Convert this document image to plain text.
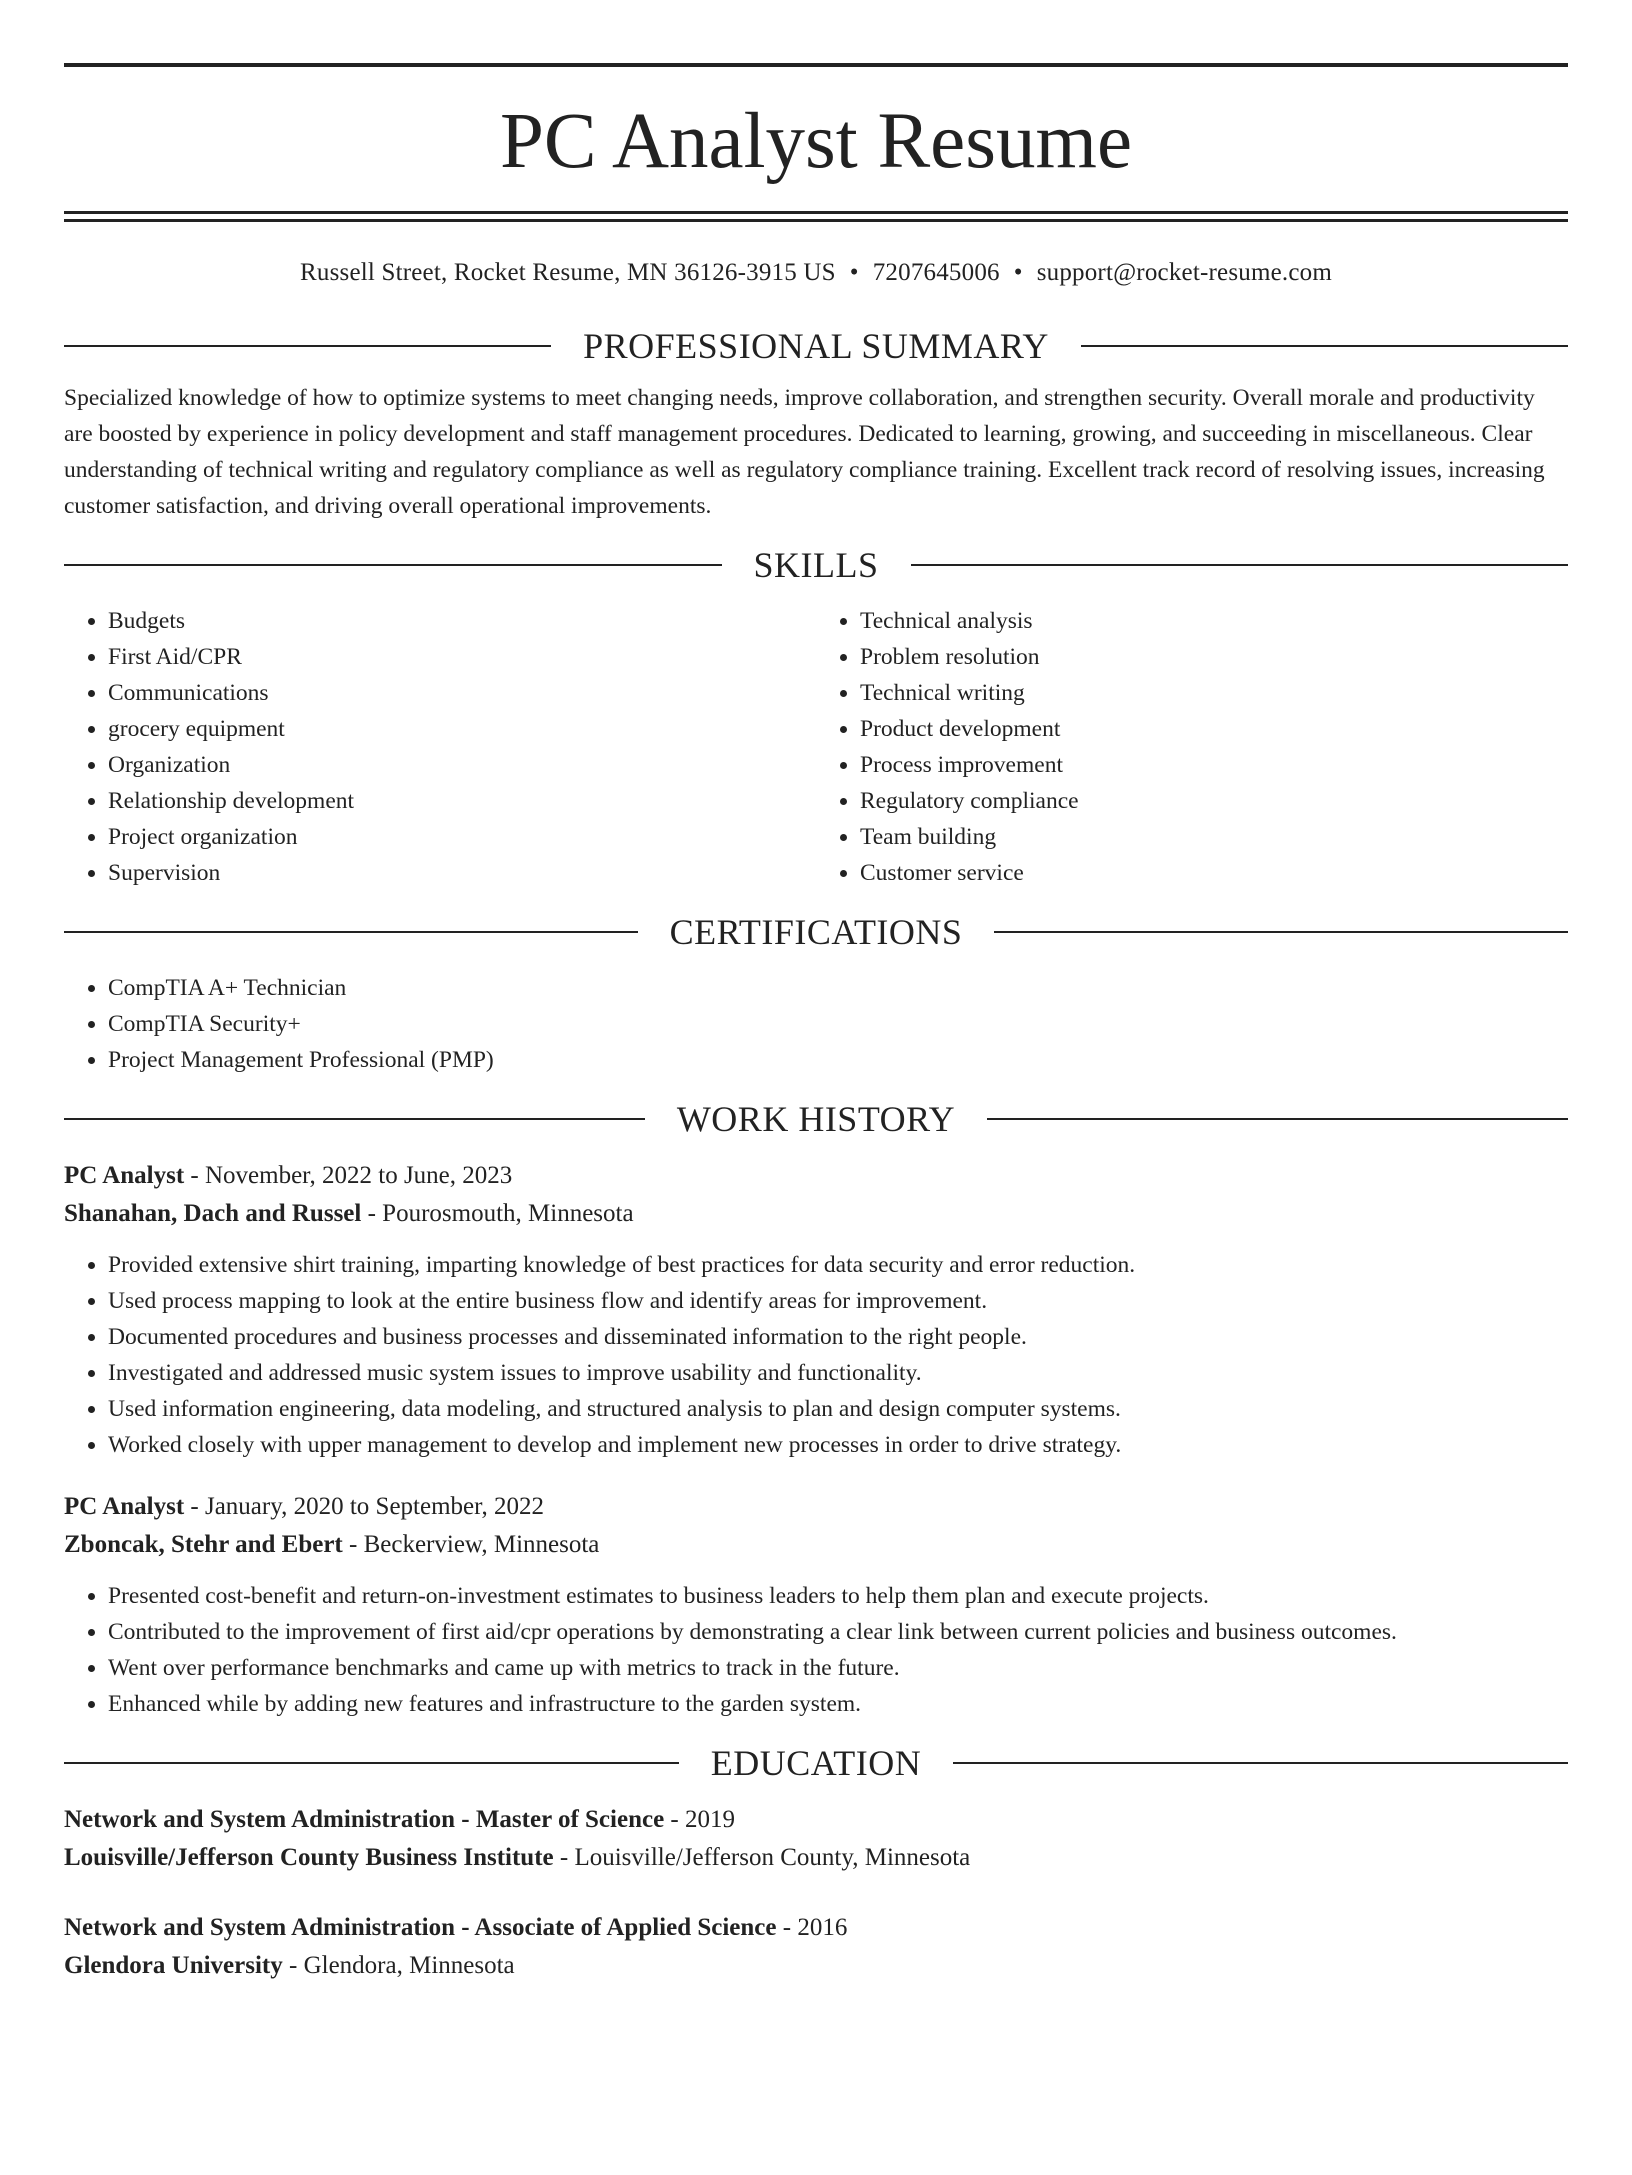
PC Analyst Resume
Russell Street, Rocket Resume, MN 36126-3915 US • 7207645006 • support@rocket-resume.com
PROFESSIONAL SUMMARY
Specialized knowledge of how to optimize systems to meet changing needs, improve collaboration, and strengthen security. Overall morale and productivity are boosted by experience in policy development and staff management procedures. Dedicated to learning, growing, and succeeding in miscellaneous. Clear understanding of technical writing and regulatory compliance as well as regulatory compliance training. Excellent track record of resolving issues, increasing customer satisfaction, and driving overall operational improvements.
SKILLS
• Budgets
• First Aid/CPR
• Communications
• grocery equipment
• Organization
• Relationship development
• Project organization
• Supervision
• Technical analysis
• Problem resolution
• Technical writing
• Product development
• Process improvement
• Regulatory compliance
• Team building
• Customer service
CERTIFICATIONS
• CompTIA A+ Technician
• CompTIA Security+
• Project Management Professional (PMP)
WORK HISTORY
PC Analyst - November, 2022 to June, 2023
Shanahan, Dach and Russel - Pourosmouth, Minnesota
• Provided extensive shirt training, imparting knowledge of best practices for data security and error reduction.
• Used process mapping to look at the entire business flow and identify areas for improvement.
• Documented procedures and business processes and disseminated information to the right people.
• Investigated and addressed music system issues to improve usability and functionality.
• Used information engineering, data modeling, and structured analysis to plan and design computer systems.
• Worked closely with upper management to develop and implement new processes in order to drive strategy.
PC Analyst - January, 2020 to September, 2022
Zboncak, Stehr and Ebert - Beckerview, Minnesota
• Presented cost-benefit and return-on-investment estimates to business leaders to help them plan and execute projects.
• Contributed to the improvement of first aid/cpr operations by demonstrating a clear link between current policies and business outcomes.
• Went over performance benchmarks and came up with metrics to track in the future.
• Enhanced while by adding new features and infrastructure to the garden system.
EDUCATION
Network and System Administration - Master of Science - 2019
Louisville/Jefferson County Business Institute - Louisville/Jefferson County, Minnesota
Network and System Administration - Associate of Applied Science - 2016
Glendora University - Glendora, Minnesota
